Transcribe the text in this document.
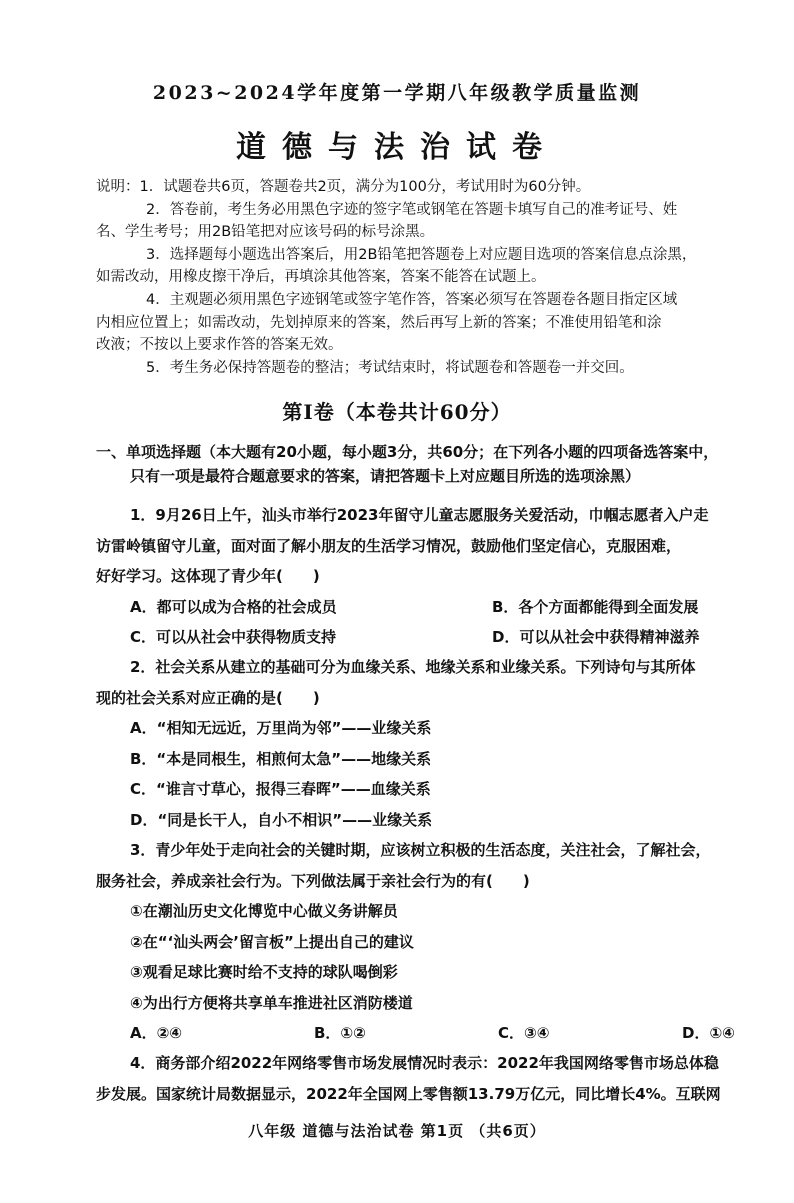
2023~2024学年度第一学期八年级教学质量监测
道德与法治试卷
说明：1．试题卷共6页，答题卷共2页，满分为100分，考试用时为60分钟。
2．答卷前，考生务必用黑色字迹的签字笔或钢笔在答题卡填写自己的准考证号、姓
名、学生考号；用2B铅笔把对应该号码的标号涂黑。
3．选择题每小题选出答案后，用2B铅笔把答题卷上对应题目选项的答案信息点涂黑，
如需改动，用橡皮擦干净后，再填涂其他答案，答案不能答在试题上。
4．主观题必须用黑色字迹钢笔或签字笔作答，答案必须写在答题卷各题目指定区域
内相应位置上；如需改动，先划掉原来的答案，然后再写上新的答案；不准使用铅笔和涂
改液；不按以上要求作答的答案无效。
5．考生务必保持答题卷的整洁；考试结束时，将试题卷和答题卷一并交回。
第Ⅰ卷（本卷共计60分）
一、单项选择题（本大题有20小题，每小题3分，共60分；在下列各小题的四项备选答案中，
只有一项是最符合题意要求的答案，请把答题卡上对应题目所选的选项涂黑）
1．9月26日上午，汕头市举行2023年留守儿童志愿服务关爱活动，巾帼志愿者入户走
访雷岭镇留守儿童，面对面了解小朋友的生活学习情况，鼓励他们坚定信心，克服困难，
好好学习。这体现了青少年(　　)
A．都可以成为合格的社会成员	B．各个方面都能得到全面发展
C．可以从社会中获得物质支持	D．可以从社会中获得精神滋养
2．社会关系从建立的基础可分为血缘关系、地缘关系和业缘关系。下列诗句与其所体
现的社会关系对应正确的是(　　)
A．“相知无远近，万里尚为邻”——业缘关系
B．“本是同根生，相煎何太急”——地缘关系
C．“谁言寸草心，报得三春晖”——血缘关系
D．“同是长干人，自小不相识”——业缘关系
3．青少年处于走向社会的关键时期，应该树立积极的生活态度，关注社会，了解社会，
服务社会，养成亲社会行为。下列做法属于亲社会行为的有(　　)
①在潮汕历史文化博览中心做义务讲解员
②在“‘汕头两会’留言板”上提出自己的建议
③观看足球比赛时给不支持的球队喝倒彩
④为出行方便将共享单车推进社区消防楼道
A．②④	B．①②	C．③④	D．①④
4．商务部介绍2022年网络零售市场发展情况时表示：2022年我国网络零售市场总体稳
步发展。国家统计局数据显示，2022年全国网上零售额13.79万亿元，同比增长4%。互联网
八年级 道德与法治试卷 第1页 （共6页）
